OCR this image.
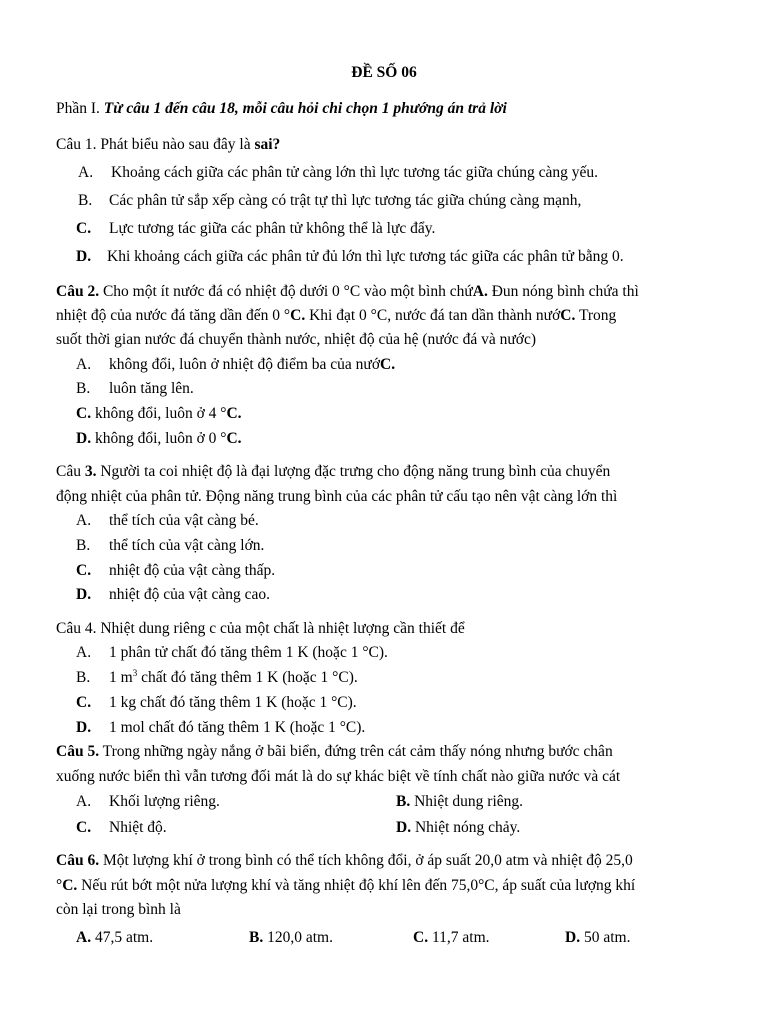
ĐỀ SỐ 06
Phần I. Từ câu 1 đến câu 18, mỗi câu hỏi chi chọn 1 phướng án trả lời
Câu 1. Phát biểu nào sau đây là sai?
A. Khoảng cách giữa các phân tử càng lớn thì lực tương tác giữa chúng càng yếu.
B. Các phân tử sắp xếp càng có trật tự thì lực tương tác giữa chúng càng mạnh,
C. Lực tương tác giữa các phân tử không thể là lực đẩy.
D. Khi khoảng cách giữa các phân tử đủ lớn thì lực tương tác giữa các phân tử bằng 0.
Câu 2. Cho một ít nước đá có nhiệt độ dưới 0 °C vào một bình chứA. Đun nóng bình chứa thì
nhiệt độ của nước đá tăng dần đến 0 °C. Khi đạt 0 °C, nước đá tan dần thành nướC. Trong
suốt thời gian nước đá chuyển thành nước, nhiệt độ của hệ (nước đá và nước)
A. không đổi, luôn ở nhiệt độ điểm ba của nướC.
B. luôn tăng lên.
C. không đổi, luôn ở 4 °C.
D. không đổi, luôn ở 0 °C.
Câu 3. Người ta coi nhiệt độ là đại lượng đặc trưng cho động năng trung bình của chuyển
động nhiệt của phân tử. Động năng trung bình của các phân tử cấu tạo nên vật càng lớn thì
A. thể tích của vật càng bé.
B. thể tích của vật càng lớn.
C. nhiệt độ của vật càng thấp.
D. nhiệt độ của vật càng cao.
Câu 4. Nhiệt dung riêng c của một chất là nhiệt lượng cần thiết để
A. 1 phân tử chất đó tăng thêm 1 K (hoặc 1 °C).
B. 1 $m^3$ chất đó tăng thêm 1 K (hoặc 1 °C).
C. 1 kg chất đó tăng thêm 1 K (hoặc 1 °C).
D. 1 mol chất đó tăng thêm 1 K (hoặc 1 °C).
Câu 5. Trong những ngày nắng ở bãi biển, đứng trên cát cảm thấy nóng nhưng bước chân
xuống nước biển thì vẫn tương đối mát là do sự khác biệt về tính chất nào giữa nước và cát
A. Khối lượng riêng.	B. Nhiệt dung riêng.
C. Nhiệt độ.	D. Nhiệt nóng chảy.
Câu 6. Một lượng khí ở trong bình có thể tích không đổi, ở áp suất 20,0 atm và nhiệt độ 25,0
°C. Nếu rút bớt một nửa lượng khí và tăng nhiệt độ khí lên đến 75,0°C, áp suất của lượng khí
còn lại trong bình là
A. 47,5 atm.	B. 120,0 atm.	C. 11,7 atm.	D. 50 atm.
